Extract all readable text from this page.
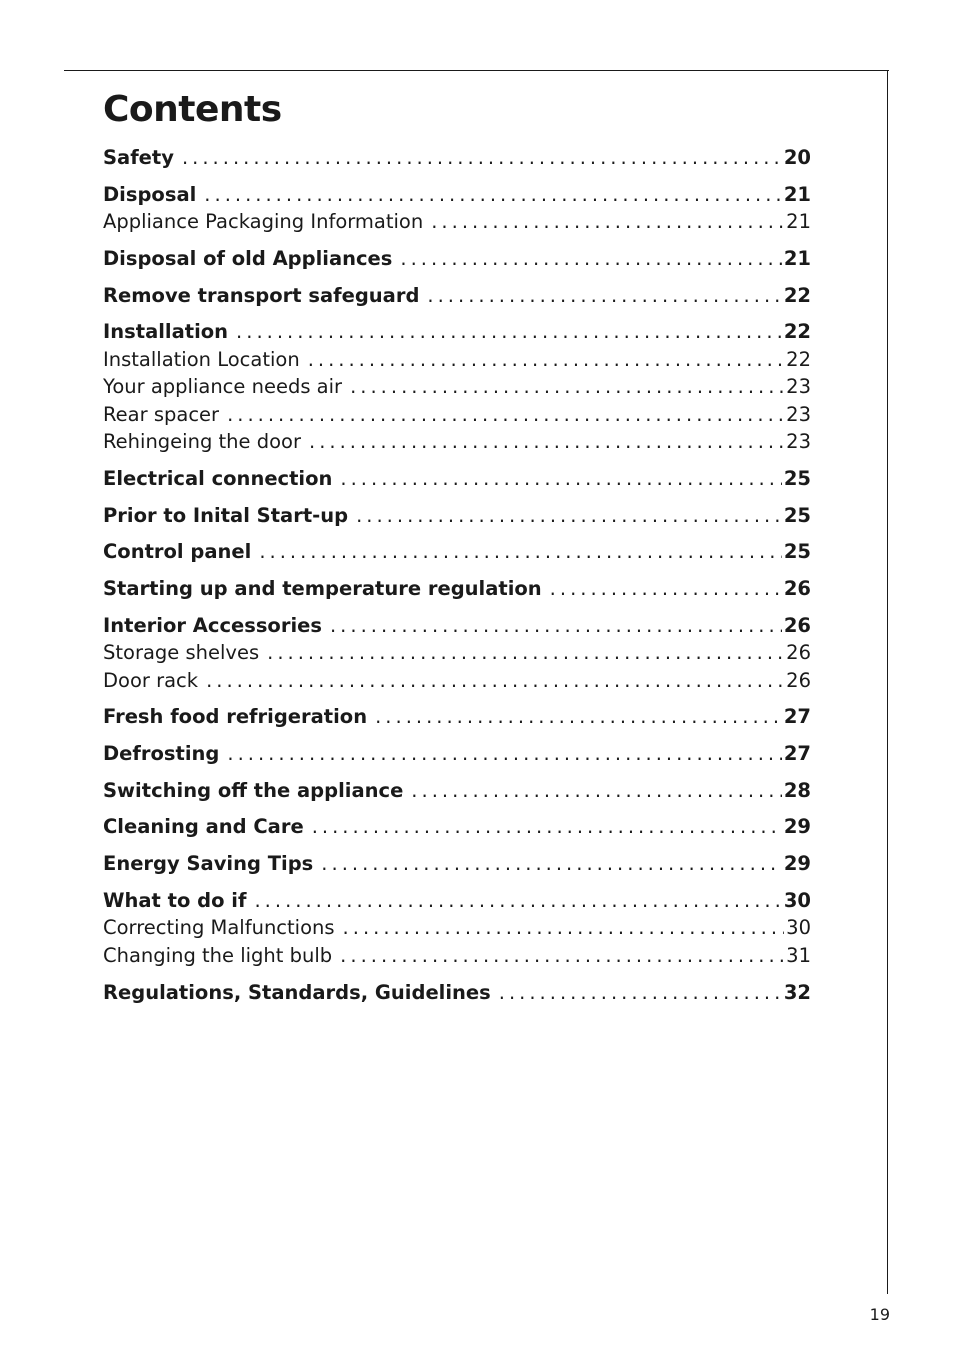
Contents
Safety .....	20
Disposal .....	21
Appliance Packaging Information .....	21
Disposal of old Appliances .....	21
Remove transport safeguard .....	22
Installation .....	22
Installation Location .....	22
Your appliance needs air .....	23
Rear spacer .....	23
Rehingeing the door .....	23
Electrical connection .....	25
Prior to Inital Start-up .....	25
Control panel .....	25
Starting up and temperature regulation .....	26
Interior Accessories .....	26
Storage shelves .....	26
Door rack .....	26
Fresh food refrigeration .....	27
Defrosting .....	27
Switching off the appliance .....	28
Cleaning and Care .....	29
Energy Saving Tips .....	29
What to do if .....	30
Correcting Malfunctions .....	30
Changing the light bulb .....	31
Regulations, Standards, Guidelines .....	32
19
